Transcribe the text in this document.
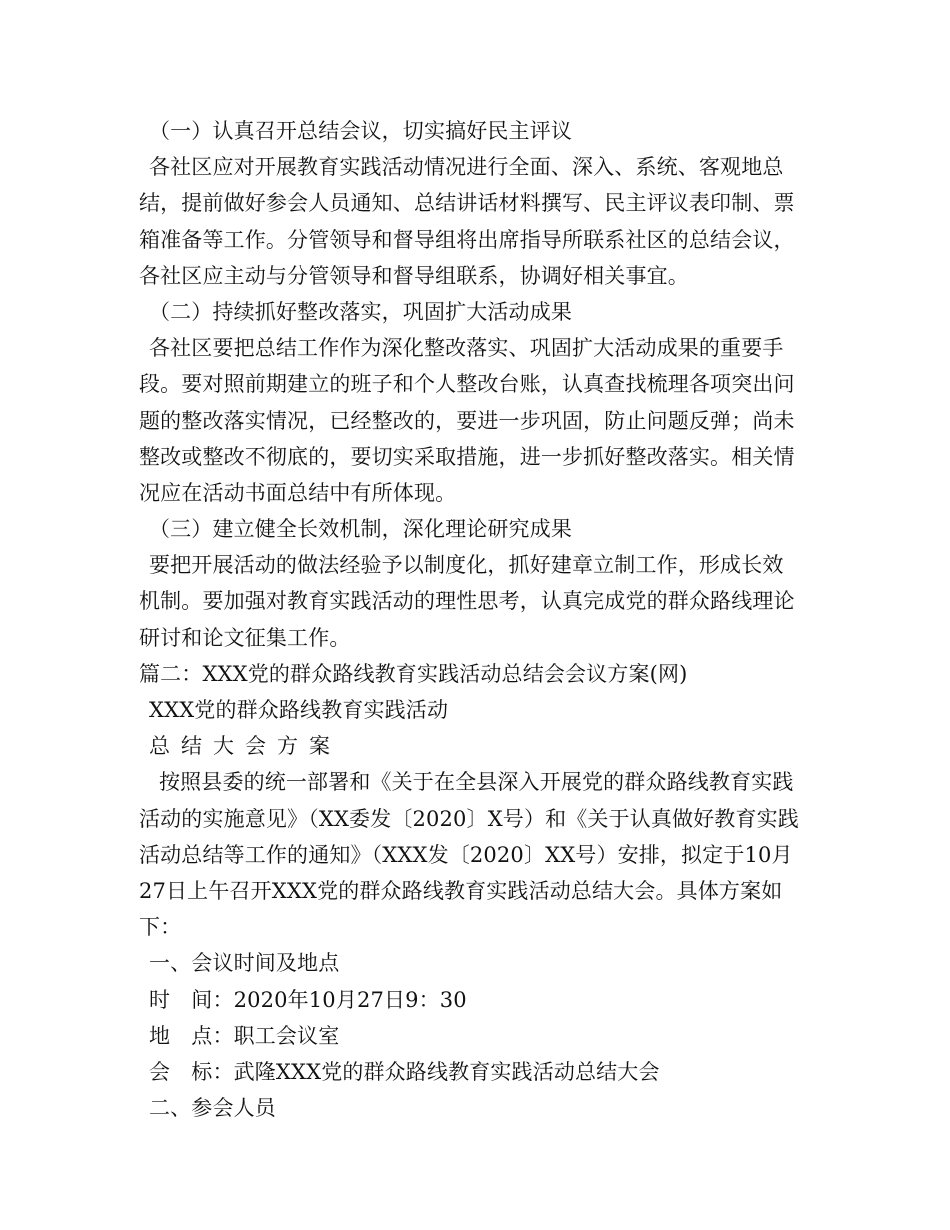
（一）认真召开总结会议，切实搞好民主评议

各社区应对开展教育实践活动情况进行全面、深入、系统、客观地总

结，提前做好参会人员通知、总结讲话材料撰写、民主评议表印制、票

箱准备等工作。分管领导和督导组将出席指导所联系社区的总结会议，

各社区应主动与分管领导和督导组联系，协调好相关事宜。

（二）持续抓好整改落实，巩固扩大活动成果

各社区要把总结工作作为深化整改落实、巩固扩大活动成果的重要手

段。要对照前期建立的班子和个人整改台账，认真查找梳理各项突出问

题的整改落实情况，已经整改的，要进一步巩固，防止问题反弹；尚未

整改或整改不彻底的，要切实采取措施，进一步抓好整改落实。相关情

况应在活动书面总结中有所体现。

（三）建立健全长效机制，深化理论研究成果

要把开展活动的做法经验予以制度化，抓好建章立制工作，形成长效

机制。要加强对教育实践活动的理性思考，认真完成党的群众路线理论

研讨和论文征集工作。

篇二：XXX党的群众路线教育实践活动总结会会议方案(网)

XXX党的群众路线教育实践活动

总结大会方案

按照县委的统一部署和《关于在全县深入开展党的群众路线教育实践

活动的实施意见》（XX委发〔2020〕X号）和《关于认真做好教育实践

活动总结等工作的通知》（XXX发〔2020〕XX号）安排，拟定于10月

27日上午召开XXX党的群众路线教育实践活动总结大会。具体方案如

下：

一、会议时间及地点

时　间：2020年10月27日9：30

地　点：职工会议室

会　标：武隆XXX党的群众路线教育实践活动总结大会

二、参会人员
